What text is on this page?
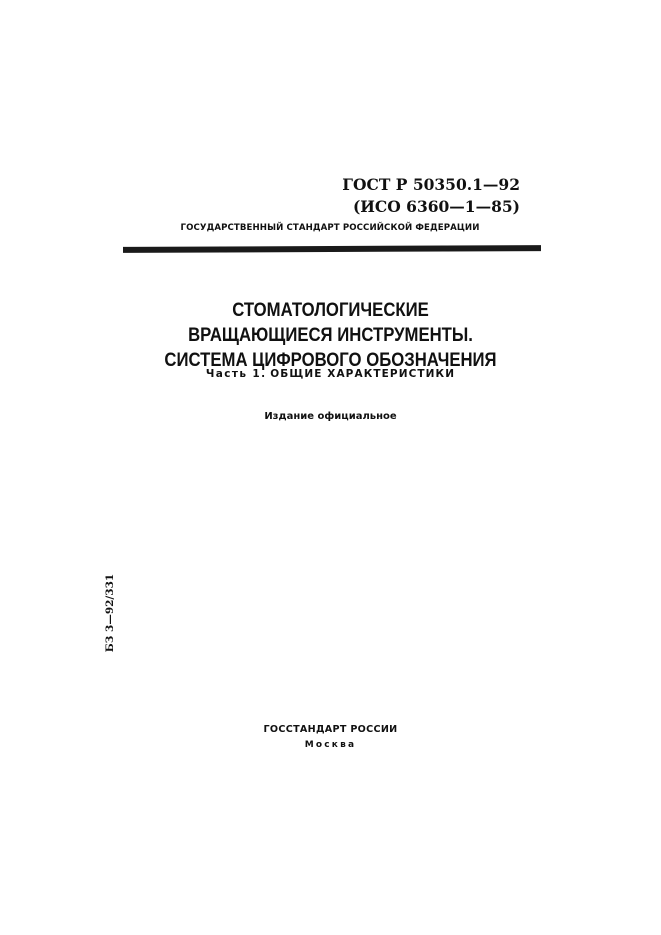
ГОСТ Р 50350.1—92
(ИСО 6360—1—85)
ГОСУДАРСТВЕННЫЙ СТАНДАРТ РОССИЙСКОЙ ФЕДЕРАЦИИ
СТОМАТОЛОГИЧЕСКИЕ
ВРАЩАЮЩИЕСЯ ИНСТРУМЕНТЫ.
СИСТЕМА ЦИФРОВОГО ОБОЗНАЧЕНИЯ
Часть 1. ОБЩИЕ ХАРАКТЕРИСТИКИ
Издание официальное
БЗ 3—92/331
ГОССТАНДАРТ РОССИИ
Москва
